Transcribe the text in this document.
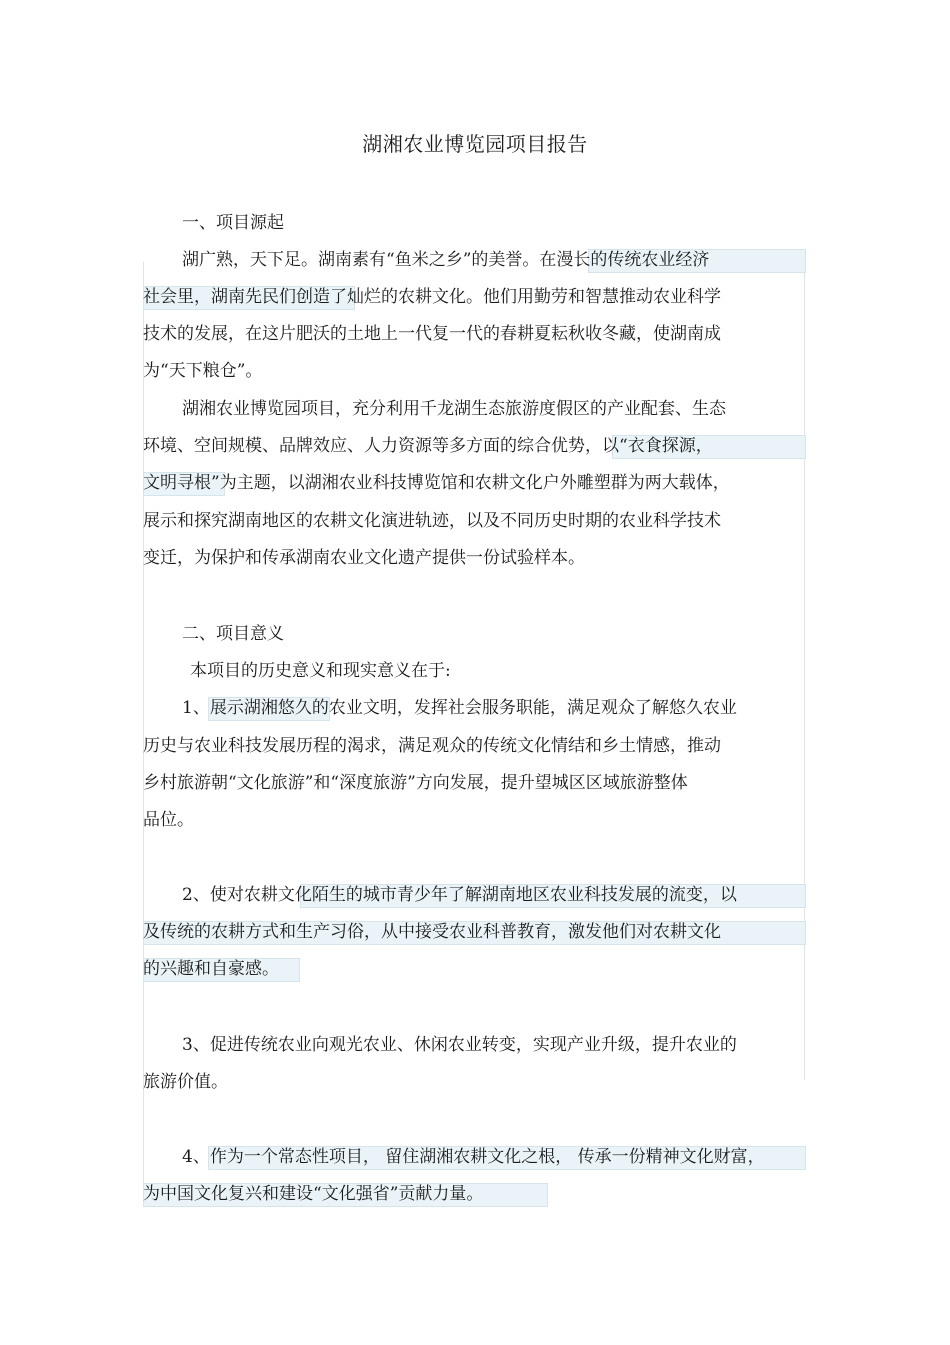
湖湘农业博览园项目报告
一、项目源起
湖广熟，天下足。湖南素有“鱼米之乡”的美誉。在漫长的传统农业经济
社会里，湖南先民们创造了灿烂的农耕文化。他们用勤劳和智慧推动农业科学
技术的发展，在这片肥沃的土地上一代复一代的春耕夏耘秋收冬藏，使湖南成
为“天下粮仓”。
湖湘农业博览园项目，充分利用千龙湖生态旅游度假区的产业配套、生态
环境、空间规模、品牌效应、人力资源等多方面的综合优势，以“衣食探源，
文明寻根”为主题，以湖湘农业科技博览馆和农耕文化户外雕塑群为两大载体，
展示和探究湖南地区的农耕文化演进轨迹，以及不同历史时期的农业科学技术
变迁，为保护和传承湖南农业文化遗产提供一份试验样本。
二、项目意义
本项目的历史意义和现实意义在于:
1、展示湖湘悠久的农业文明，发挥社会服务职能，满足观众了解悠久农业
历史与农业科技发展历程的渴求，满足观众的传统文化情结和乡土情感，推动
乡村旅游朝“文化旅游”和“深度旅游”方向发展，提升望城区区域旅游整体
品位。
2、使对农耕文化陌生的城市青少年了解湖南地区农业科技发展的流变，以
及传统的农耕方式和生产习俗，从中接受农业科普教育，激发他们对农耕文化
的兴趣和自豪感。
3、促进传统农业向观光农业、休闲农业转变，实现产业升级，提升农业的
旅游价值。
4、作为一个常态性项目， 留住湖湘农耕文化之根， 传承一份精神文化财富，
为中国文化复兴和建设“文化强省”贡献力量。
